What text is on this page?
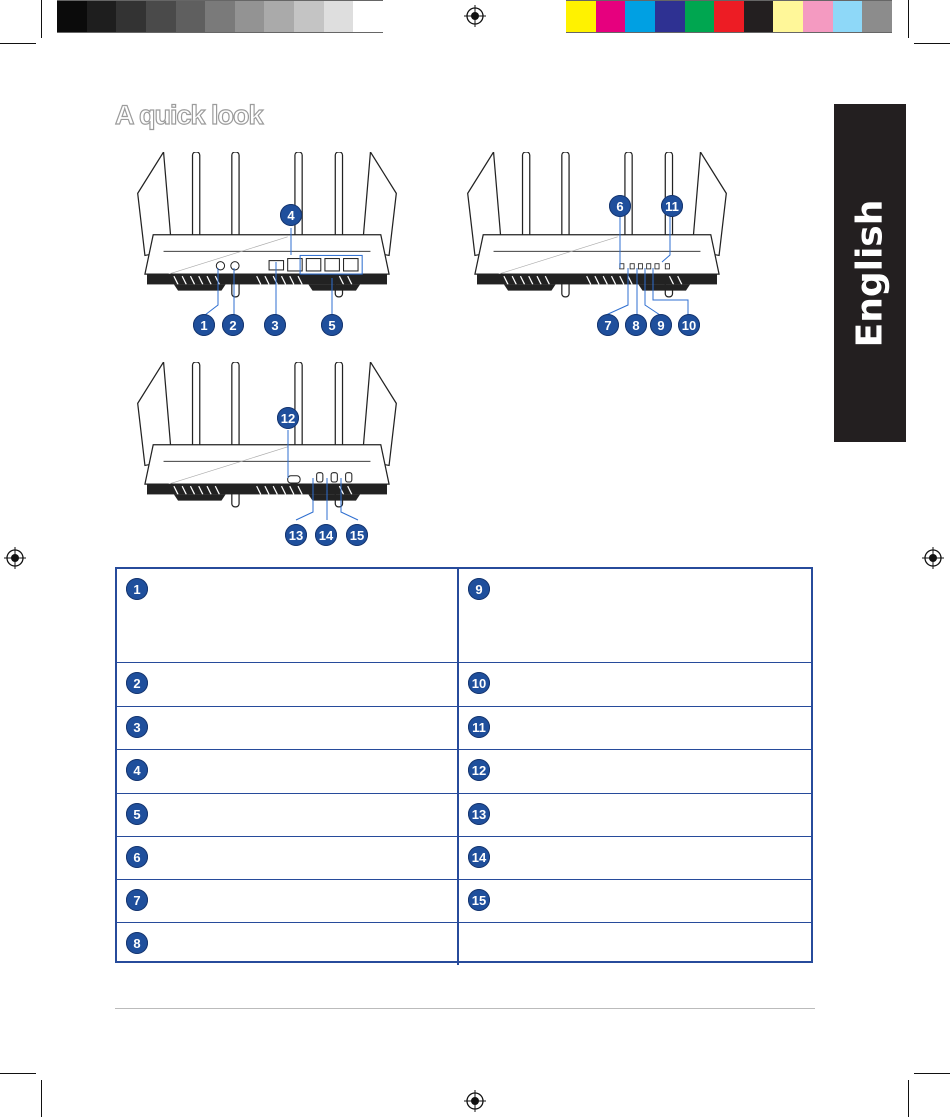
A quick look
English
1	2	3
4
5
6
7	8	9	10
11
12
13 14 15
1	9
2	10
3	11
4	12
5	13
6	14
7	15
8
